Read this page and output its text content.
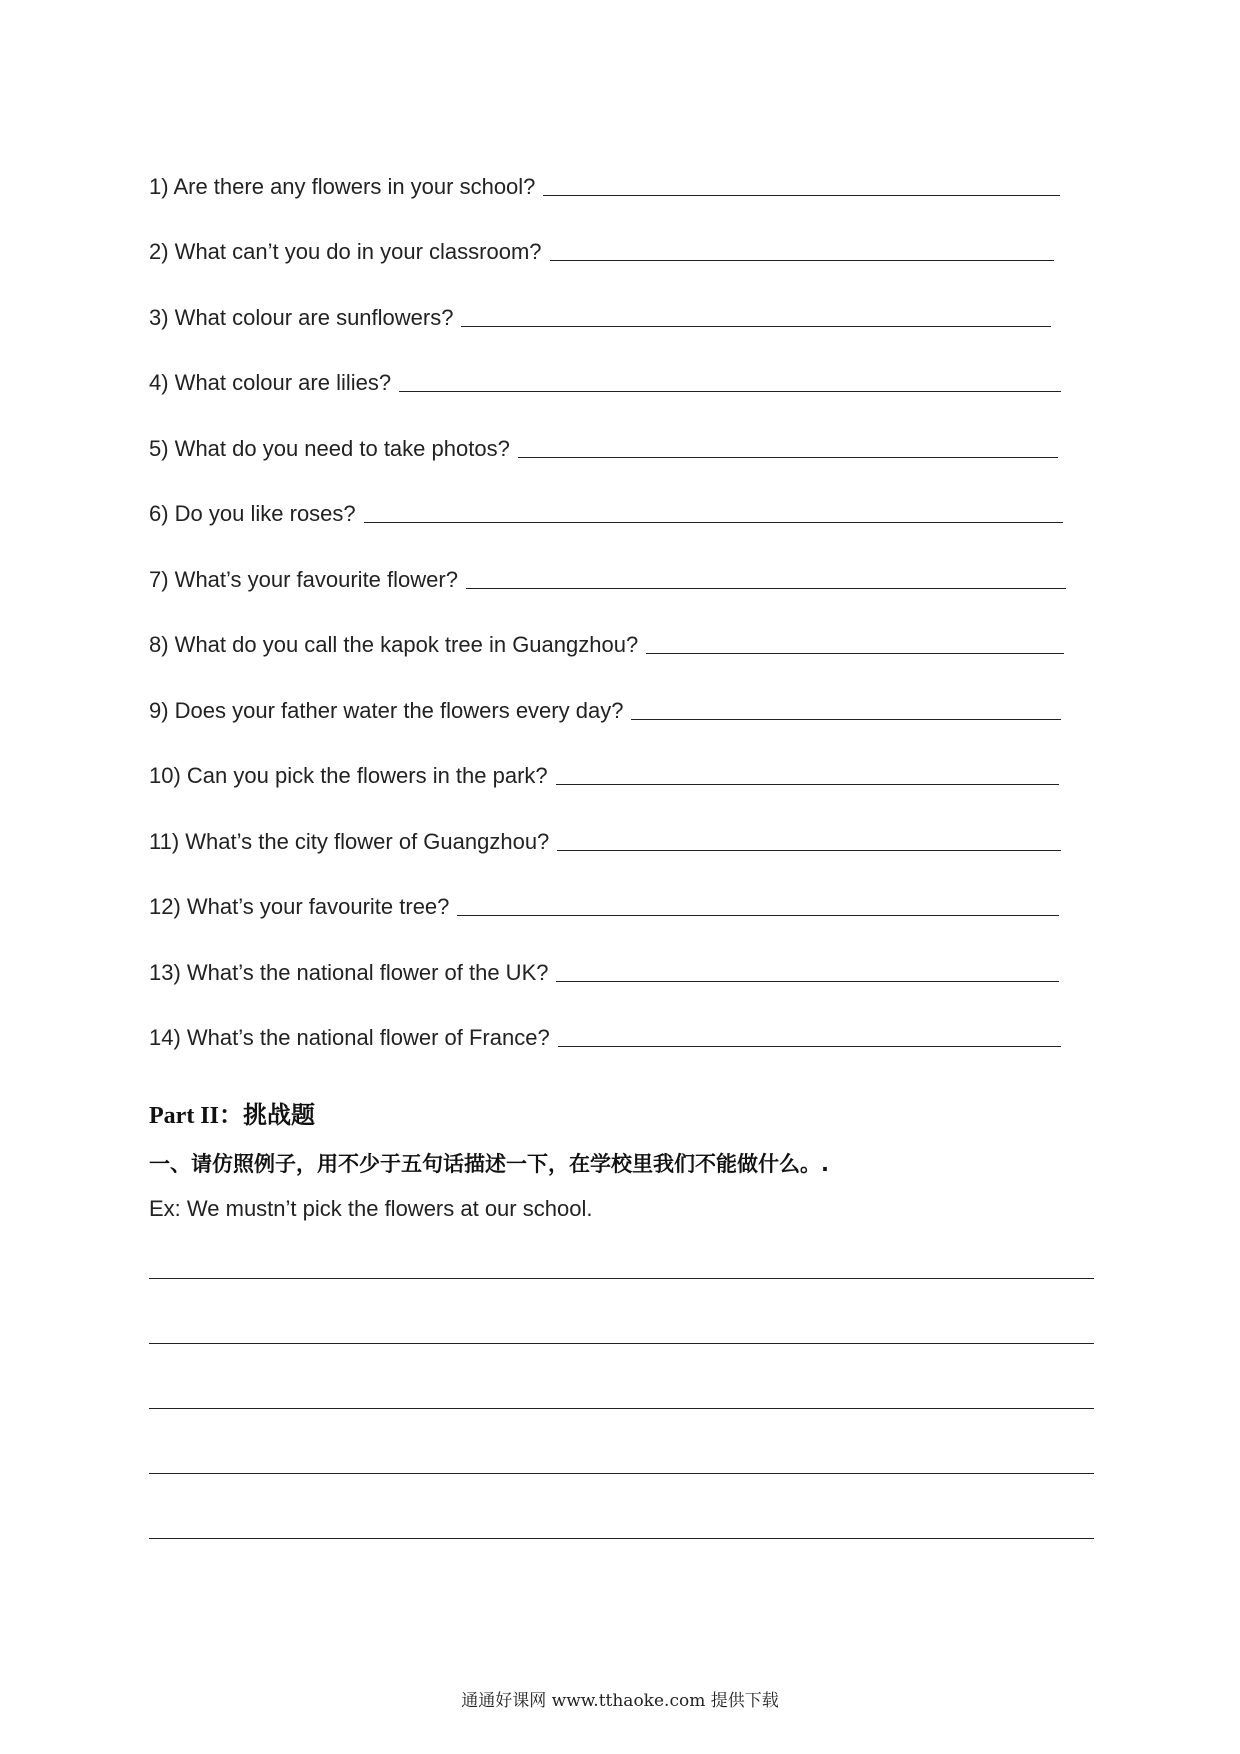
1) Are there any flowers in your school?
2) What can’t you do in your classroom?
3) What colour are sunflowers?
4) What colour are lilies?
5) What do you need to take photos?
6) Do you like roses?
7) What’s your favourite flower?
8) What do you call the kapok tree in Guangzhou?
9) Does your father water the flowers every day?
10) Can you pick the flowers in the park?
11) What’s the city flower of Guangzhou?
12) What’s your favourite tree?
13) What’s the national flower of the UK?
14) What’s the national flower of France?
Part II：挑战题
一、请仿照例子，用不少于五句话描述一下，在学校里我们不能做什么。.
Ex: We mustn’t pick the flowers at our school.
通通好课网 www.tthaoke.com 提供下载
